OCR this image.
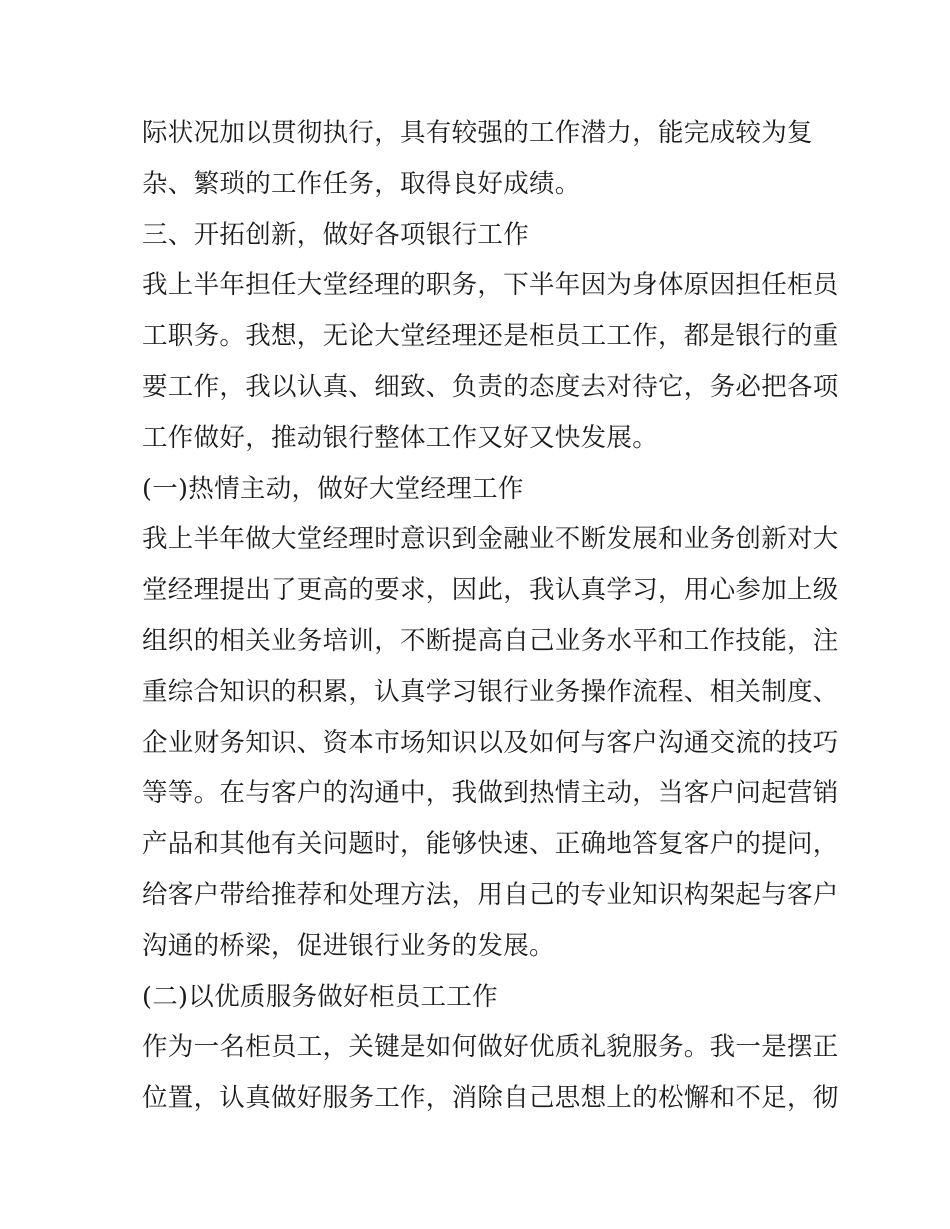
际状况加以贯彻执行，具有较强的工作潜力，能完成较为复
杂、繁琐的工作任务，取得良好成绩。
三、开拓创新，做好各项银行工作
我上半年担任大堂经理的职务，下半年因为身体原因担任柜员
工职务。我想，无论大堂经理还是柜员工工作，都是银行的重
要工作，我以认真、细致、负责的态度去对待它，务必把各项
工作做好，推动银行整体工作又好又快发展。
(一)热情主动，做好大堂经理工作
我上半年做大堂经理时意识到金融业不断发展和业务创新对大
堂经理提出了更高的要求，因此，我认真学习，用心参加上级
组织的相关业务培训，不断提高自己业务水平和工作技能，注
重综合知识的积累，认真学习银行业务操作流程、相关制度、
企业财务知识、资本市场知识以及如何与客户沟通交流的技巧
等等。在与客户的沟通中，我做到热情主动，当客户问起营销
产品和其他有关问题时，能够快速、正确地答复客户的提问，
给客户带给推荐和处理方法，用自己的专业知识构架起与客户
沟通的桥梁，促进银行业务的发展。
(二)以优质服务做好柜员工工作
作为一名柜员工，关键是如何做好优质礼貌服务。我一是摆正
位置，认真做好服务工作，消除自己思想上的松懈和不足，彻
